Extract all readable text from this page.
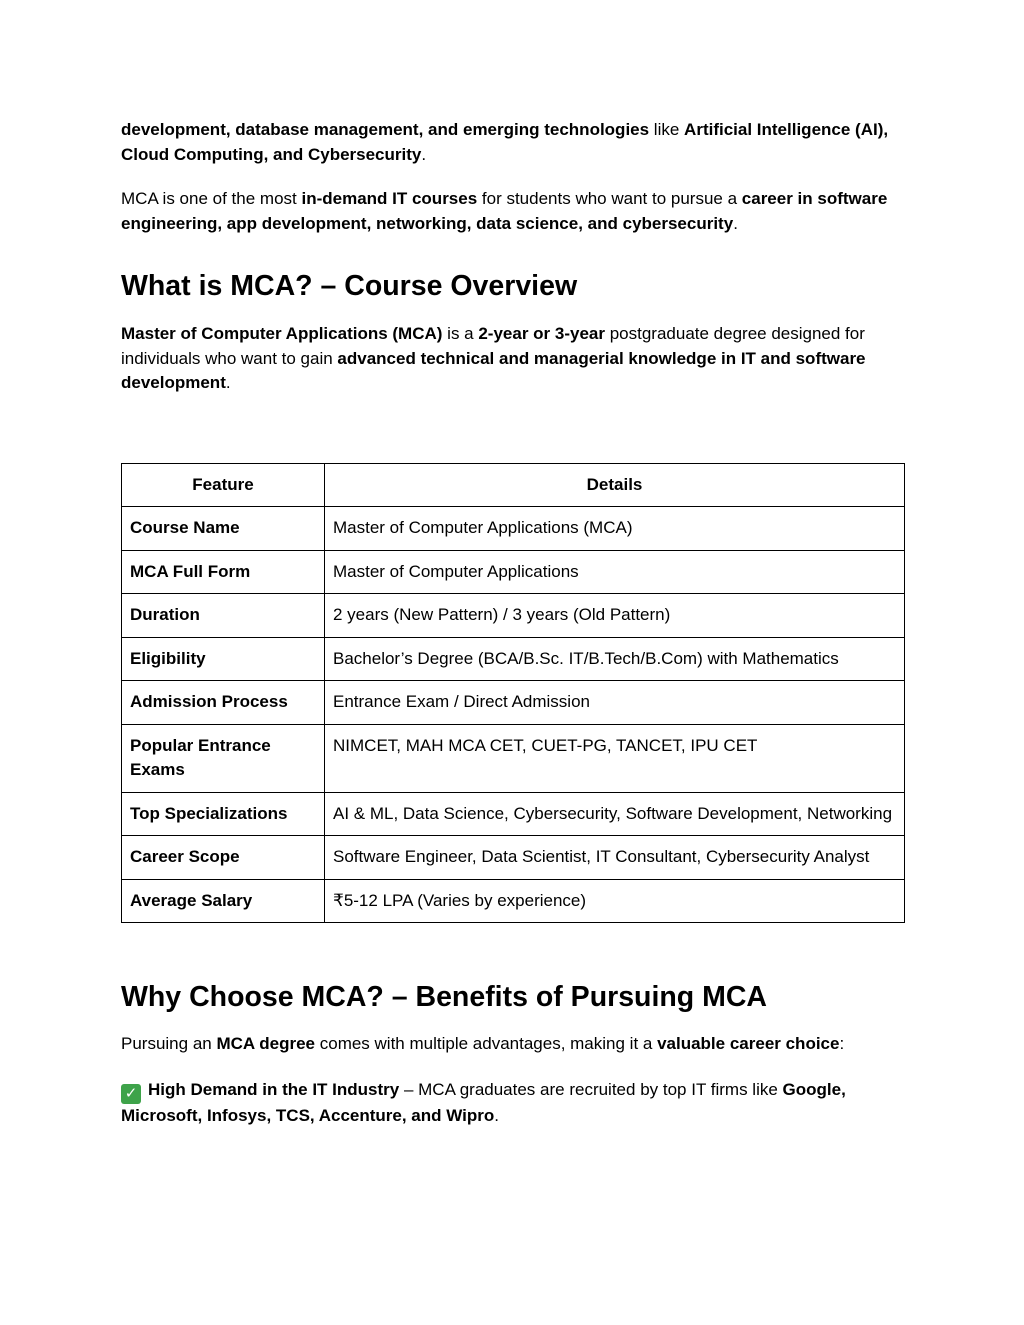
development, database management, and emerging technologies like Artificial Intelligence (AI), Cloud Computing, and Cybersecurity.

MCA is one of the most in-demand IT courses for students who want to pursue a career in software engineering, app development, networking, data science, and cybersecurity.

What is MCA? – Course Overview

Master of Computer Applications (MCA) is a 2-year or 3-year postgraduate degree designed for individuals who want to gain advanced technical and managerial knowledge in IT and software development.

Feature	Details
Course Name	Master of Computer Applications (MCA)
MCA Full Form	Master of Computer Applications
Duration	2 years (New Pattern) / 3 years (Old Pattern)
Eligibility	Bachelor’s Degree (BCA/B.Sc. IT/B.Tech/B.Com) with Mathematics
Admission Process	Entrance Exam / Direct Admission
Popular Entrance Exams	NIMCET, MAH MCA CET, CUET-PG, TANCET, IPU CET
Top Specializations	AI & ML, Data Science, Cybersecurity, Software Development, Networking
Career Scope	Software Engineer, Data Scientist, IT Consultant, Cybersecurity Analyst
Average Salary	₹5-12 LPA (Varies by experience)
Why Choose MCA? – Benefits of Pursuing MCA

Pursuing an MCA degree comes with multiple advantages, making it a valuable career choice:

✓ High Demand in the IT Industry – MCA graduates are recruited by top IT firms like Google, Microsoft, Infosys, TCS, Accenture, and Wipro.
